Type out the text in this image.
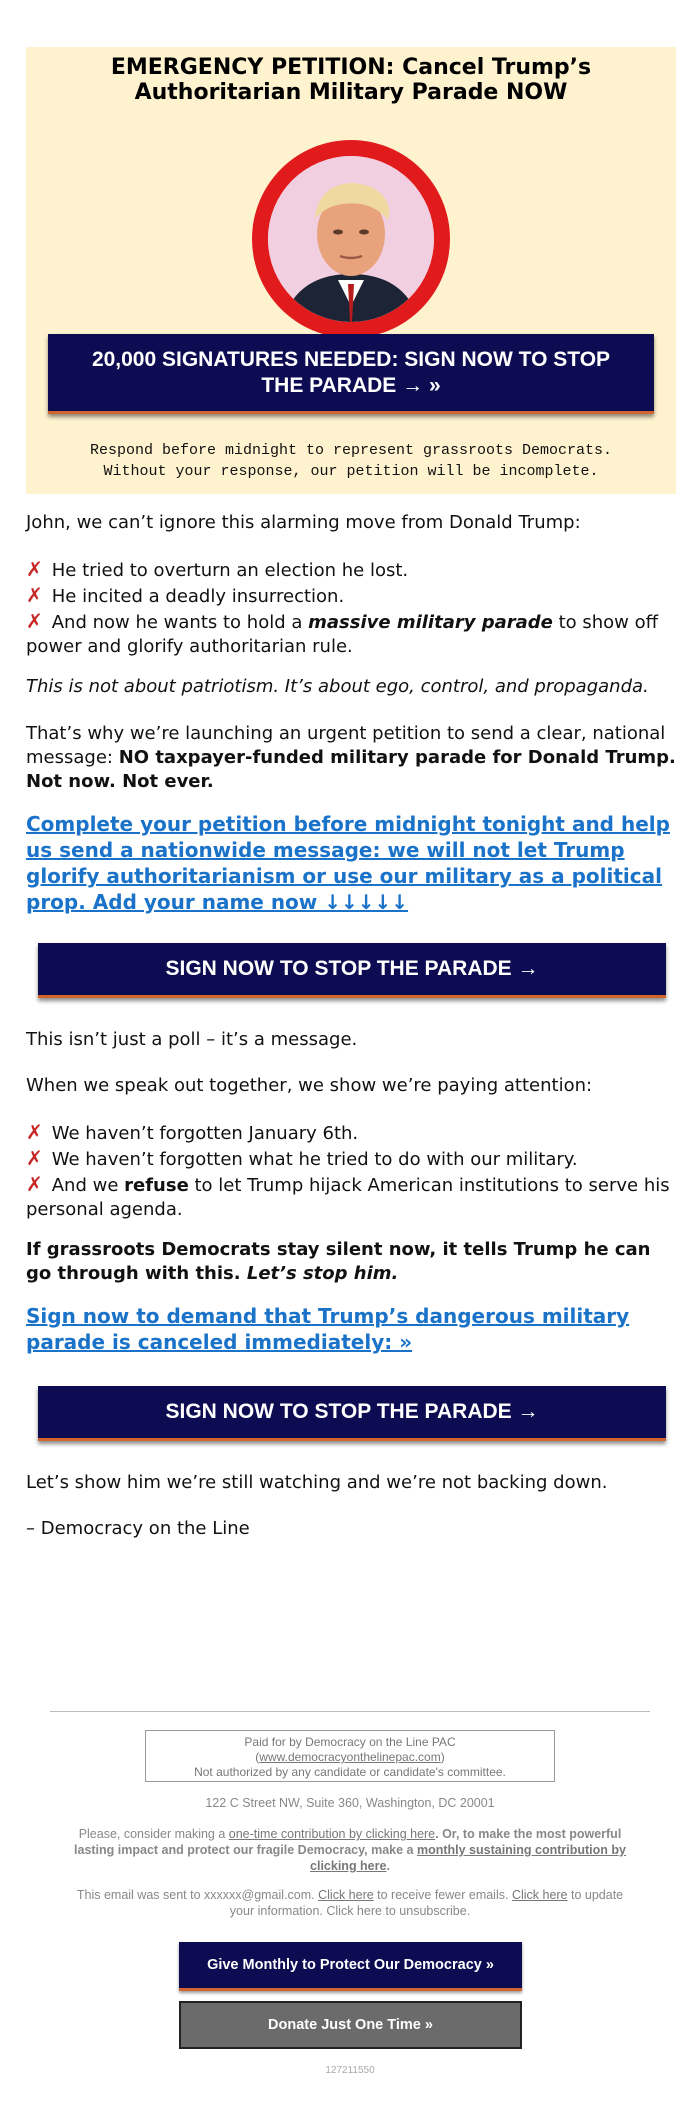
EMERGENCY PETITION: Cancel Trump’s Authoritarian Military Parade NOW
20,000 SIGNATURES NEEDED: SIGN NOW TO STOP THE PARADE → »
Respond before midnight to represent grassroots Democrats.
Without your response, our petition will be incomplete.
John, we can’t ignore this alarming move from Donald Trump:
✗ He tried to overturn an election he lost.
✗ He incited a deadly insurrection.
✗ And now he wants to hold a massive military parade to show off power and glorify authoritarian rule.
This is not about patriotism. It’s about ego, control, and propaganda.
That’s why we’re launching an urgent petition to send a clear, national message: NO taxpayer-funded military parade for Donald Trump. Not now. Not ever.
Complete your petition before midnight tonight and help us send a nationwide message: we will not let Trump glorify authoritarianism or use our military as a political prop. Add your name now ↓↓↓↓↓
SIGN NOW TO STOP THE PARADE →
This isn’t just a poll – it’s a message.
When we speak out together, we show we’re paying attention:
✗ We haven’t forgotten January 6th.
✗ We haven’t forgotten what he tried to do with our military.
✗ And we refuse to let Trump hijack American institutions to serve his personal agenda.
If grassroots Democrats stay silent now, it tells Trump he can go through with this. Let’s stop him.
Sign now to demand that Trump’s dangerous military parade is canceled immediately: »
SIGN NOW TO STOP THE PARADE →
Let’s show him we’re still watching and we’re not backing down.
– Democracy on the Line
Paid for by Democracy on the Line PAC
(www.democracyonthelinepac.com)
Not authorized by any candidate or candidate's committee.
122 C Street NW, Suite 360, Washington, DC 20001
Please, consider making a one-time contribution by clicking here. Or, to make the most powerful lasting impact and protect our fragile Democracy, make a monthly sustaining contribution by clicking here.
This email was sent to xxxxxx@gmail.com. Click here to receive fewer emails. Click here to update your information. Click here to unsubscribe.
Give Monthly to Protect Our Democracy »
Donate Just One Time »
127211550
